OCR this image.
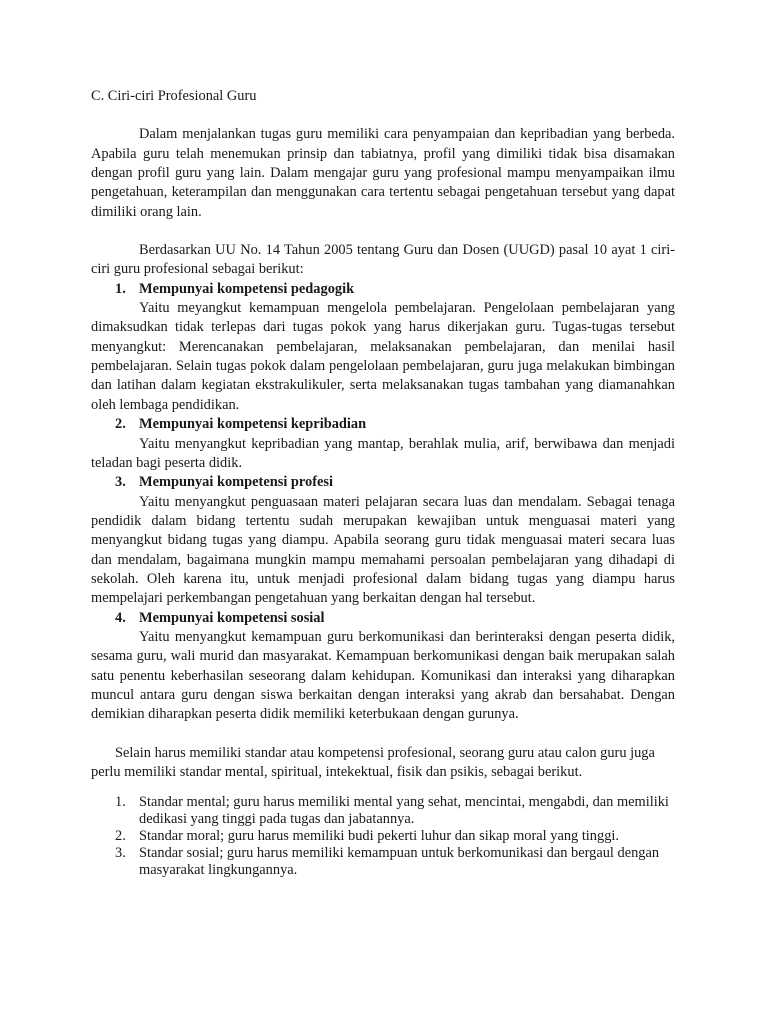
C. Ciri-ciri Profesional Guru

Dalam menjalankan tugas guru memiliki cara penyampaian dan kepribadian yang berbeda. Apabila guru telah menemukan prinsip dan tabiatnya, profil yang dimiliki tidak bisa disamakan dengan profil guru yang lain. Dalam mengajar guru yang profesional mampu menyampaikan ilmu pengetahuan, keterampilan dan menggunakan cara tertentu sebagai pengetahuan tersebut yang dapat dimiliki orang lain.

Berdasarkan UU No. 14 Tahun 2005 tentang Guru dan Dosen (UUGD) pasal 10 ayat 1 ciri-ciri guru profesional sebagai berikut:

1. Mempunyai kompetensi pedagogik

Yaitu meyangkut kemampuan mengelola pembelajaran. Pengelolaan pembelajaran yang dimaksudkan tidak terlepas dari tugas pokok yang harus dikerjakan guru. Tugas-tugas tersebut menyangkut: Merencanakan pembelajaran, melaksanakan pembelajaran, dan menilai hasil pembelajaran. Selain tugas pokok dalam pengelolaan pembelajaran, guru juga melakukan bimbingan dan latihan dalam kegiatan ekstrakulikuler, serta melaksanakan tugas tambahan yang diamanahkan oleh lembaga pendidikan.

2. Mempunyai kompetensi kepribadian

Yaitu menyangkut kepribadian yang mantap, berahlak mulia, arif, berwibawa dan menjadi teladan bagi peserta didik.

3. Mempunyai kompetensi profesi

Yaitu menyangkut penguasaan materi pelajaran secara luas dan mendalam. Sebagai tenaga pendidik dalam bidang tertentu sudah merupakan kewajiban untuk menguasai materi yang menyangkut bidang tugas yang diampu. Apabila seorang guru tidak menguasai materi secara luas dan mendalam, bagaimana mungkin mampu memahami persoalan pembelajaran yang dihadapi di sekolah. Oleh karena itu, untuk menjadi profesional dalam bidang tugas yang diampu harus mempelajari perkembangan pengetahuan yang berkaitan dengan hal tersebut.

4. Mempunyai kompetensi sosial

Yaitu menyangkut kemampuan guru berkomunikasi dan berinteraksi dengan peserta didik, sesama guru, wali murid dan masyarakat. Kemampuan berkomunikasi dengan baik merupakan salah satu penentu keberhasilan seseorang dalam kehidupan. Komunikasi dan interaksi yang diharapkan muncul antara guru dengan siswa berkaitan dengan interaksi yang akrab dan bersahabat. Dengan demikian diharapkan peserta didik memiliki keterbukaan dengan gurunya.

Selain harus memiliki standar atau kompetensi profesional, seorang guru atau calon guru juga perlu memiliki standar mental, spiritual, intekektual, fisik dan psikis, sebagai berikut.

1. Standar mental; guru harus memiliki mental yang sehat, mencintai, mengabdi, dan memiliki dedikasi yang tinggi pada tugas dan jabatannya.
2. Standar moral; guru harus memiliki budi pekerti luhur dan sikap moral yang tinggi.
3. Standar sosial; guru harus memiliki kemampuan untuk berkomunikasi dan bergaul dengan masyarakat lingkungannya.
